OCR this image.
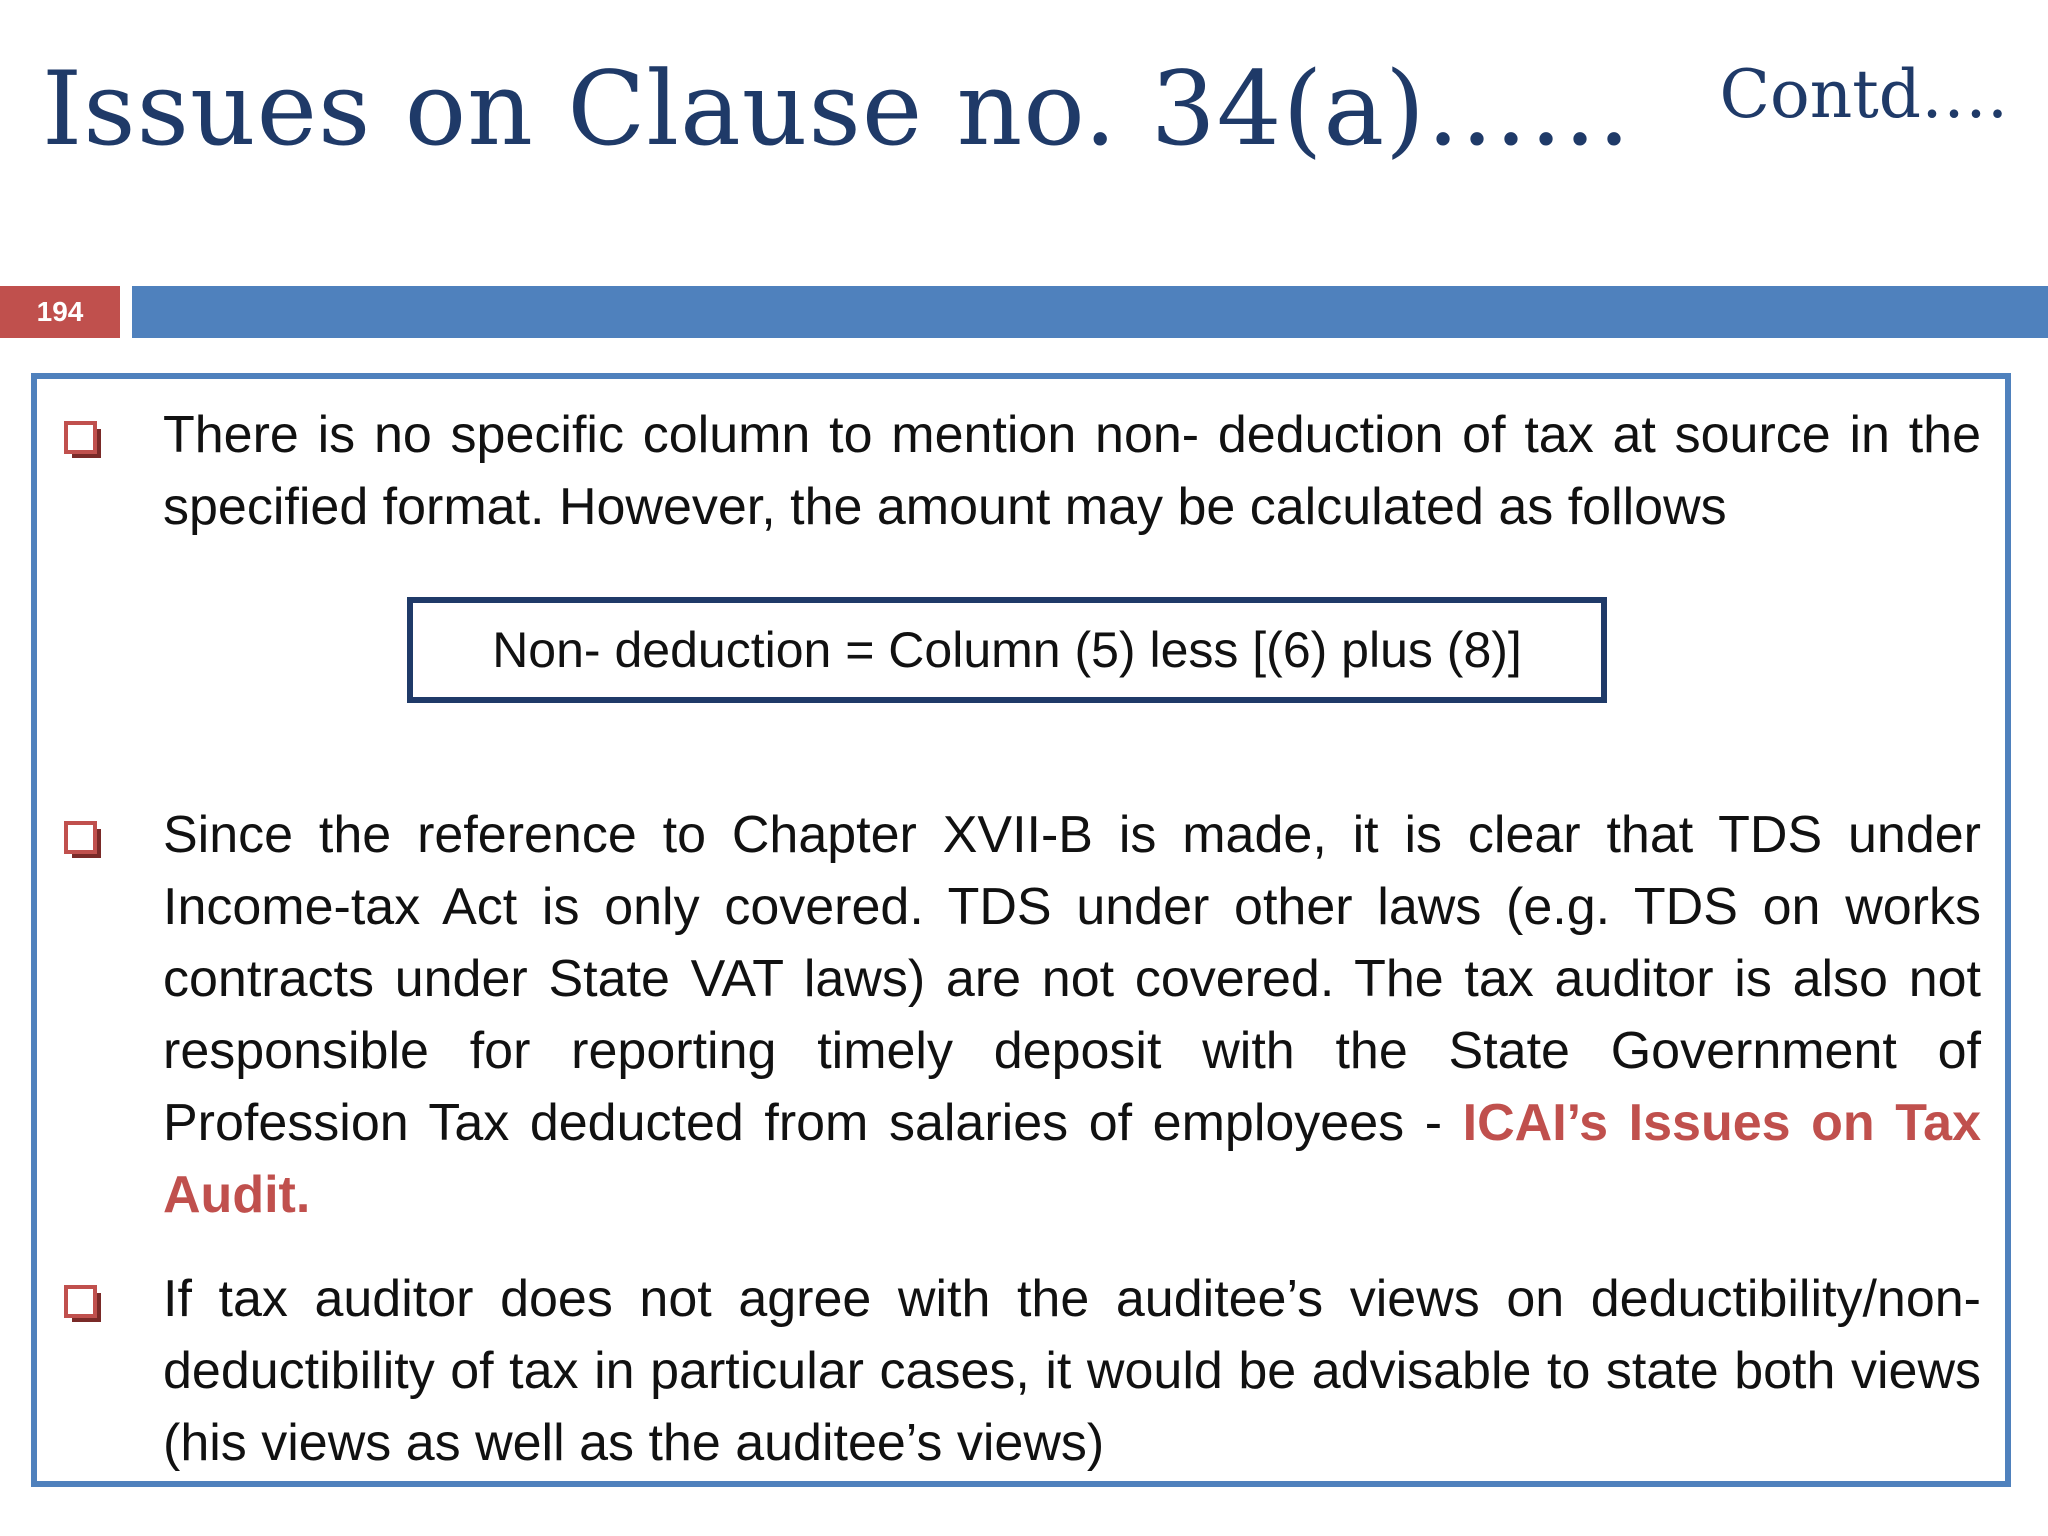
Issues on Clause no. 34(a)…… Contd….
194
There is no specific column to mention non- deduction of tax at source in the specified format. However, the amount may be calculated as follows
Non- deduction = Column (5) less [(6) plus (8)]
Since the reference to Chapter XVII-B is made, it is clear that TDS under Income-tax Act is only covered. TDS under other laws (e.g. TDS on works contracts under State VAT laws) are not covered. The tax auditor is also not responsible for reporting timely deposit with the State Government of Profession Tax deducted from salaries of employees - ICAI’s Issues on Tax Audit.
If tax auditor does not agree with the auditee’s views on deductibility/non-deductibility of tax in particular cases, it would be advisable to state both views (his views as well as the auditee’s views)
